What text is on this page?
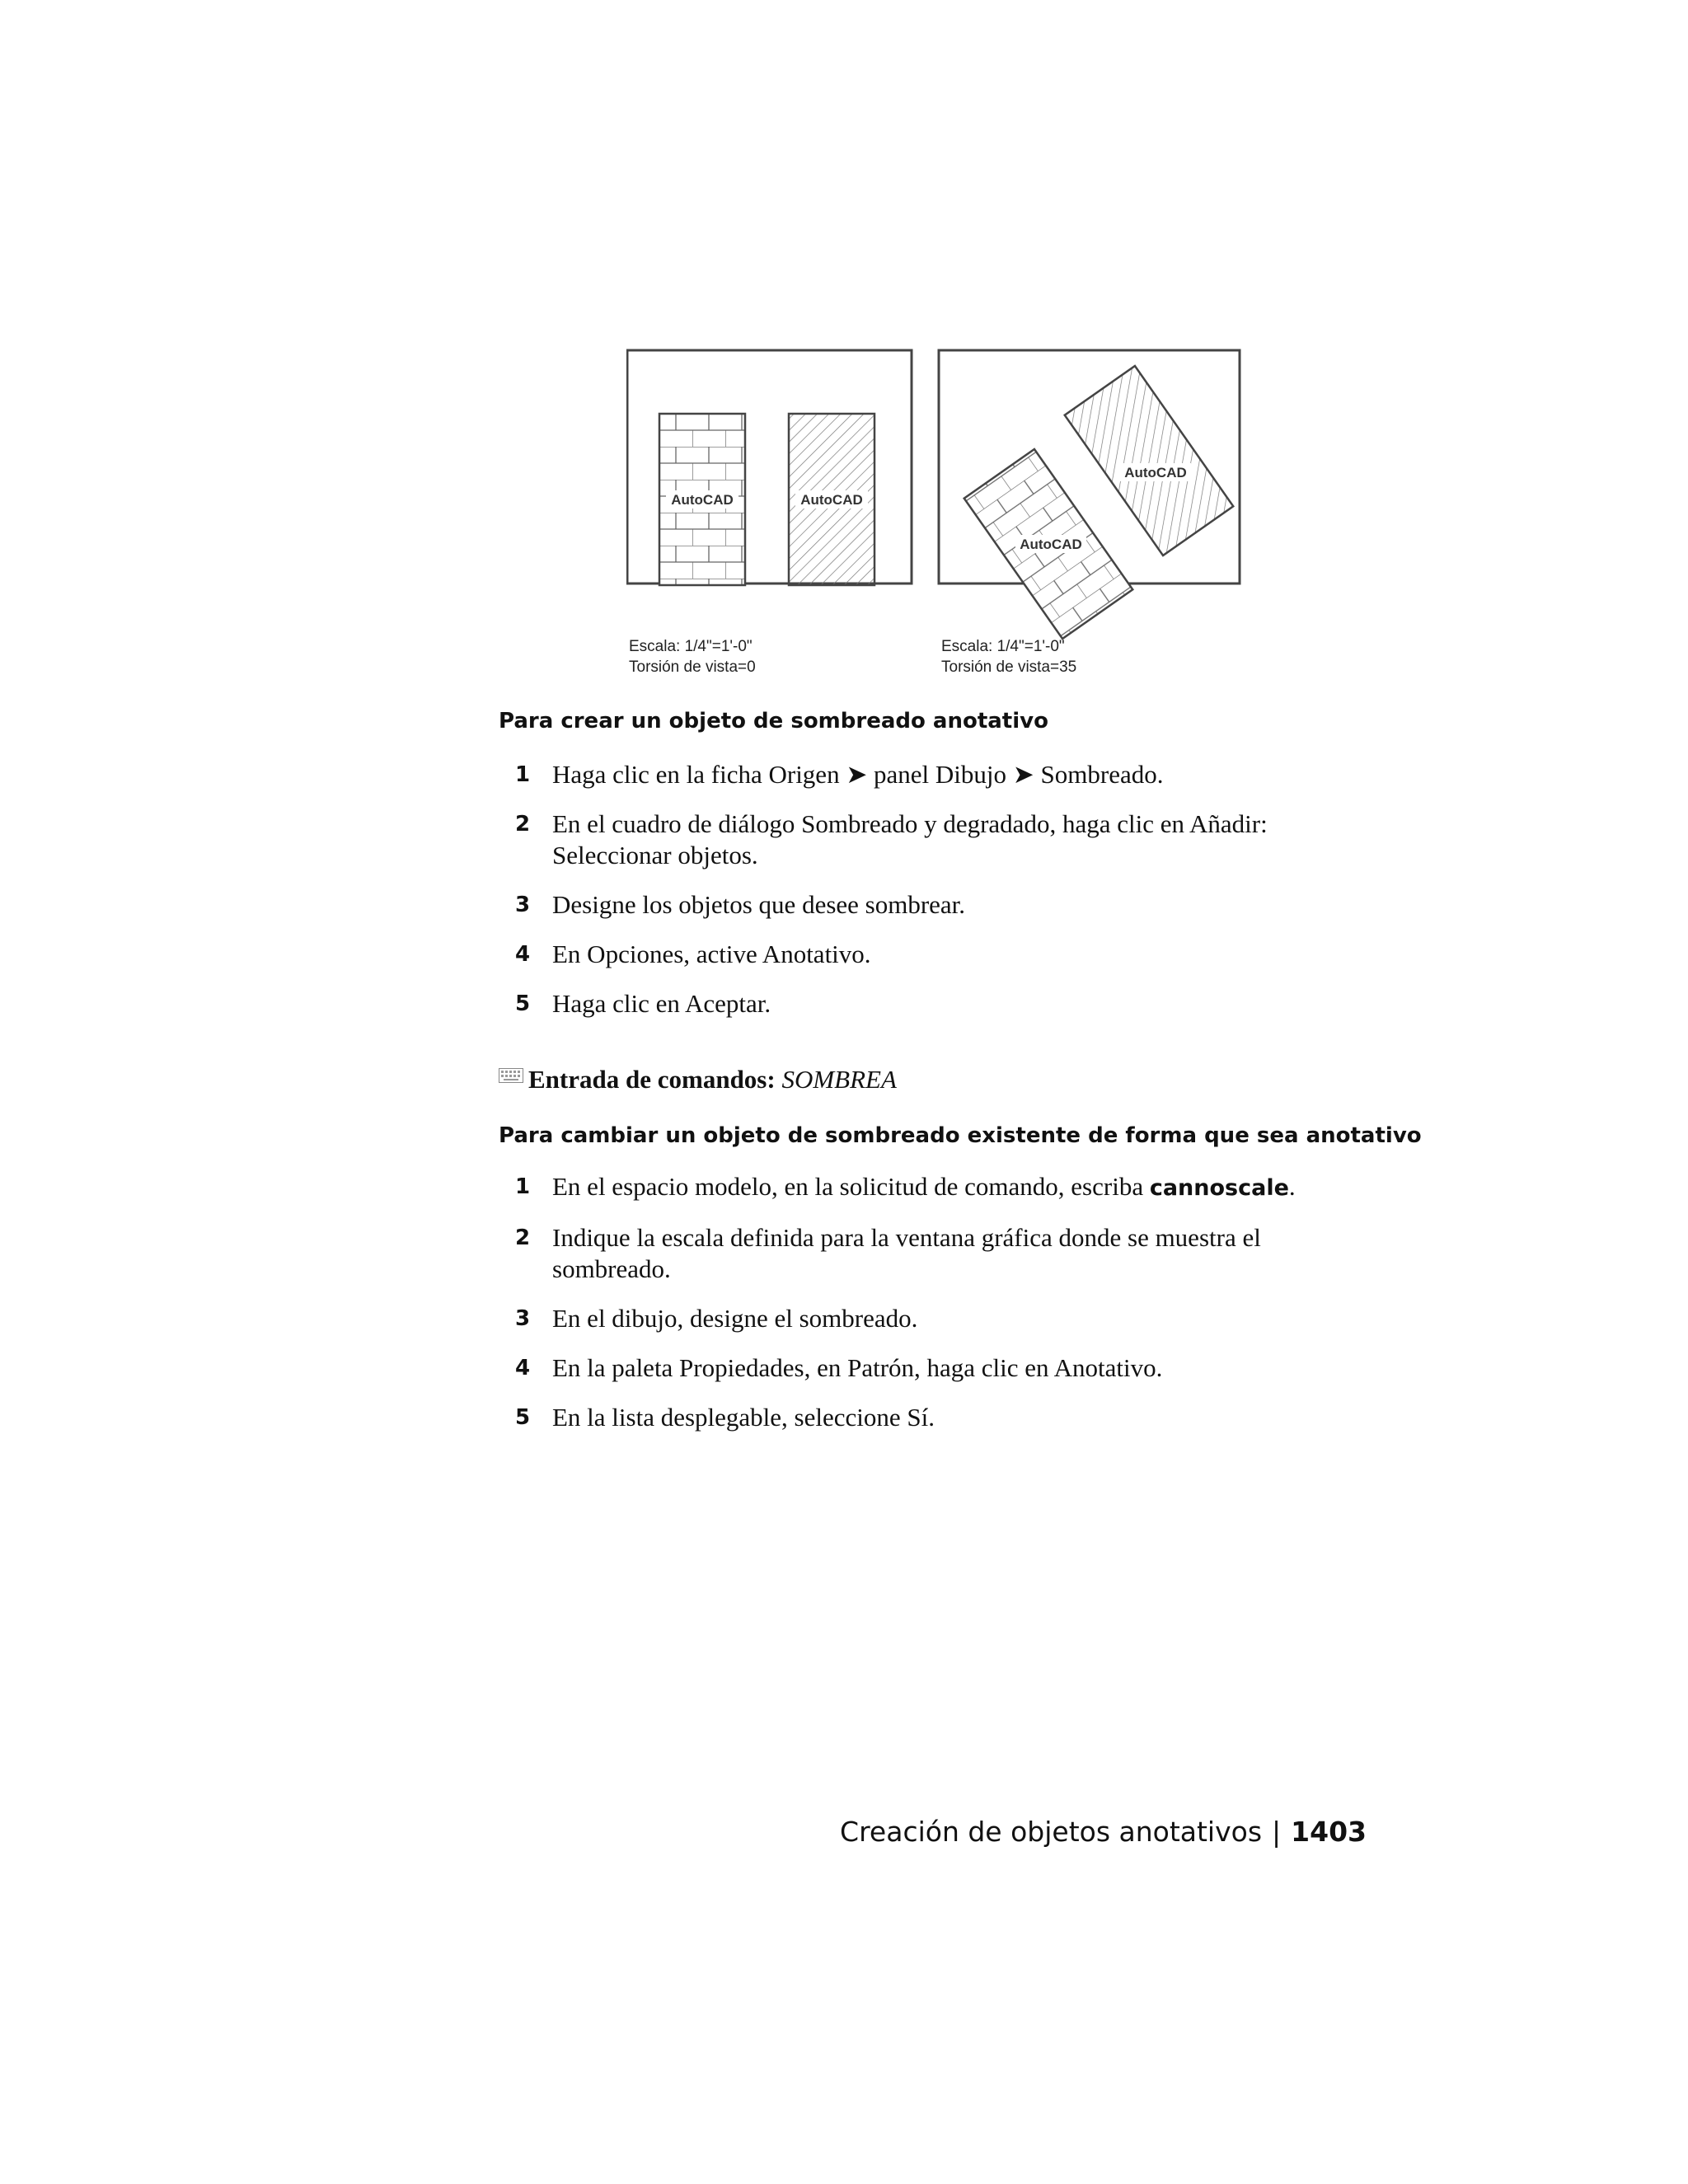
AutoCAD	AutoCAD
AutoCAD
AutoCAD
Escala: 1/4"=1'-0"
Torsión de vista=0
Escala: 1/4"=1'-0"
Torsión de vista=35
Para crear un objeto de sombreado anotativo
1 Haga clic en la ficha Origen ➤ panel Dibujo ➤ Sombreado.
2 En el cuadro de diálogo Sombreado y degradado, haga clic en Añadir: Seleccionar objetos.
3 Designe los objetos que desee sombrear.
4 En Opciones, active Anotativo.
5 Haga clic en Aceptar.
Entrada de comandos: SOMBREA
Para cambiar un objeto de sombreado existente de forma que sea anotativo
1 En el espacio modelo, en la solicitud de comando, escriba cannoscale.
2 Indique la escala definida para la ventana gráfica donde se muestra el sombreado.
3 En el dibujo, designe el sombreado.
4 En la paleta Propiedades, en Patrón, haga clic en Anotativo.
5 En la lista desplegable, seleccione Sí.
Creación de objetos anotativos | 1403
